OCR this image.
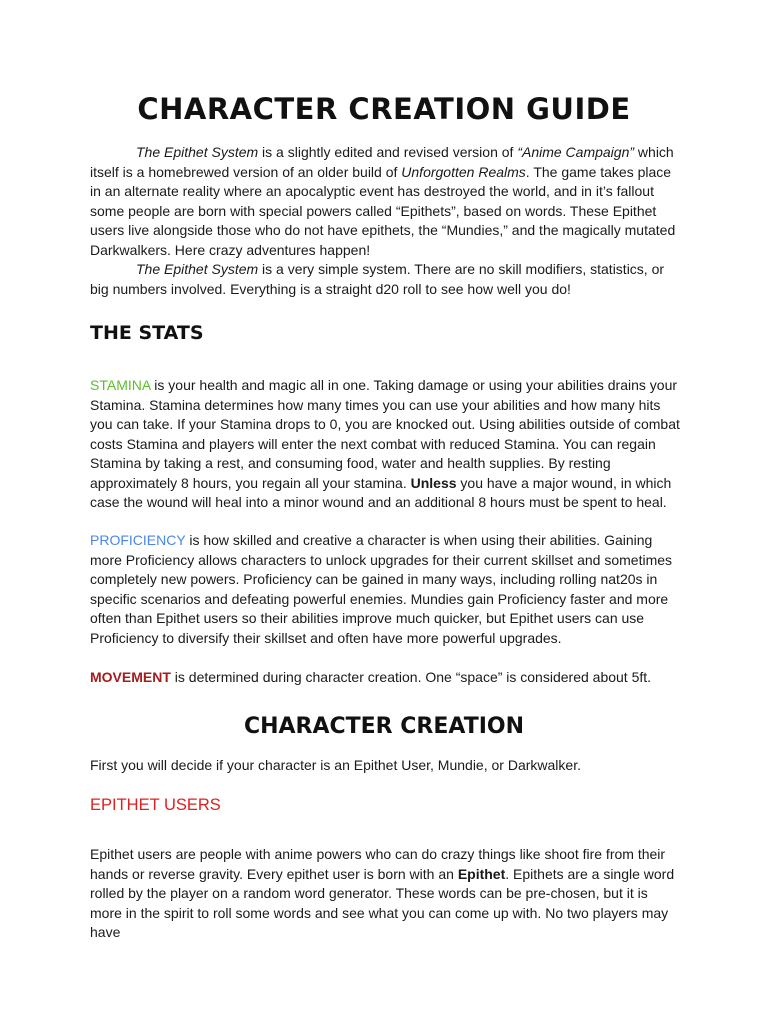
CHARACTER CREATION GUIDE

The Epithet System is a slightly edited and revised version of “Anime Campaign” which itself is a homebrewed version of an older build of Unforgotten Realms. The game takes place in an alternate reality where an apocalyptic event has destroyed the world, and in it’s fallout some people are born with special powers called “Epithets”, based on words. These Epithet users live alongside those who do not have epithets, the “Mundies,” and the magically mutated Darkwalkers. Here crazy adventures happen!

The Epithet System is a very simple system. There are no skill modifiers, statistics, or big numbers involved. Everything is a straight d20 roll to see how well you do!

THE STATS

STAMINA is your health and magic all in one. Taking damage or using your abilities drains your Stamina. Stamina determines how many times you can use your abilities and how many hits you can take. If your Stamina drops to 0, you are knocked out. Using abilities outside of combat costs Stamina and players will enter the next combat with reduced Stamina. You can regain Stamina by taking a rest, and consuming food, water and health supplies. By resting approximately 8 hours, you regain all your stamina. Unless you have a major wound, in which case the wound will heal into a minor wound and an additional 8 hours must be spent to heal.

PROFICIENCY is how skilled and creative a character is when using their abilities. Gaining more Proficiency allows characters to unlock upgrades for their current skillset and sometimes completely new powers. Proficiency can be gained in many ways, including rolling nat20s in specific scenarios and defeating powerful enemies. Mundies gain Proficiency faster and more often than Epithet users so their abilities improve much quicker, but Epithet users can use Proficiency to diversify their skillset and often have more powerful upgrades.

MOVEMENT is determined during character creation. One “space” is considered about 5ft.

CHARACTER CREATION

First you will decide if your character is an Epithet User, Mundie, or Darkwalker.

EPITHET USERS

Epithet users are people with anime powers who can do crazy things like shoot fire from their hands or reverse gravity. Every epithet user is born with an Epithet. Epithets are a single word rolled by the player on a random word generator. These words can be pre-chosen, but it is more in the spirit to roll some words and see what you can come up with. No two players may have
